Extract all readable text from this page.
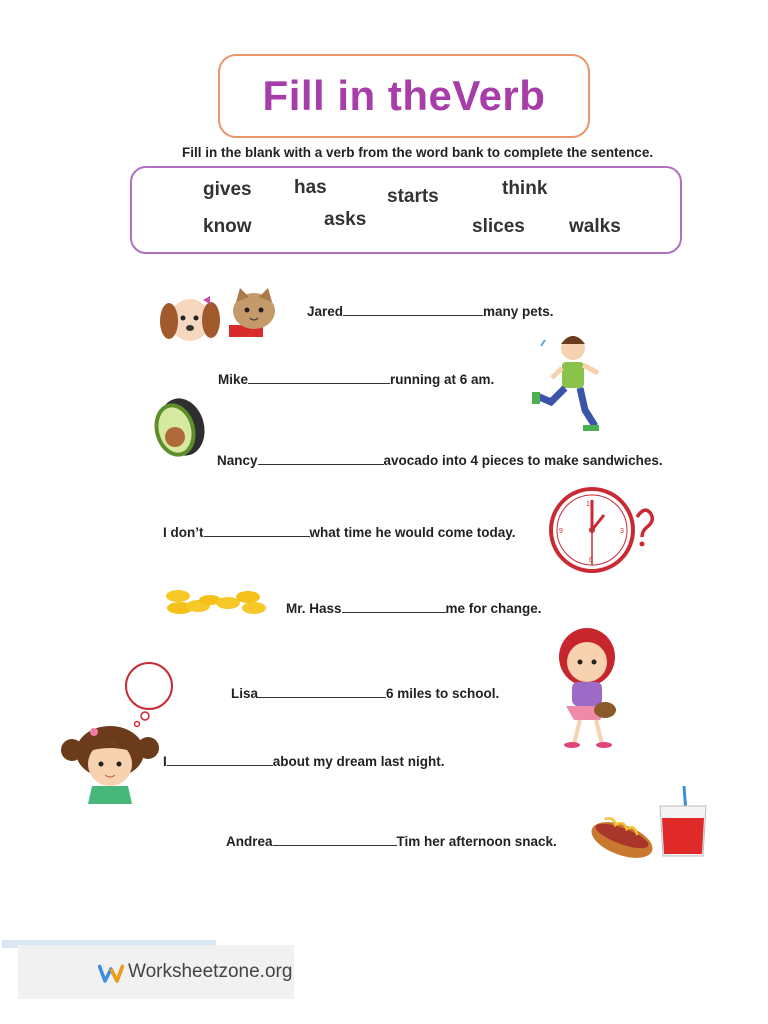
Fill in theVerb
Fill in the blank with a verb from the word bank to complete the sentence.
gives has	starts	think
know	asks	slices walks
Jared	many pets.
Mike	running at 6 am.
Nancy	avocado into 4 pieces to make sandwiches.
I don’t	what time he would come today.
Mr. Hass	me for change.
Lisa	6 miles to school.
I	about my dream last night.
Andrea	Tim her afternoon snack.
12
3
6
9
Worksheetzone.org
